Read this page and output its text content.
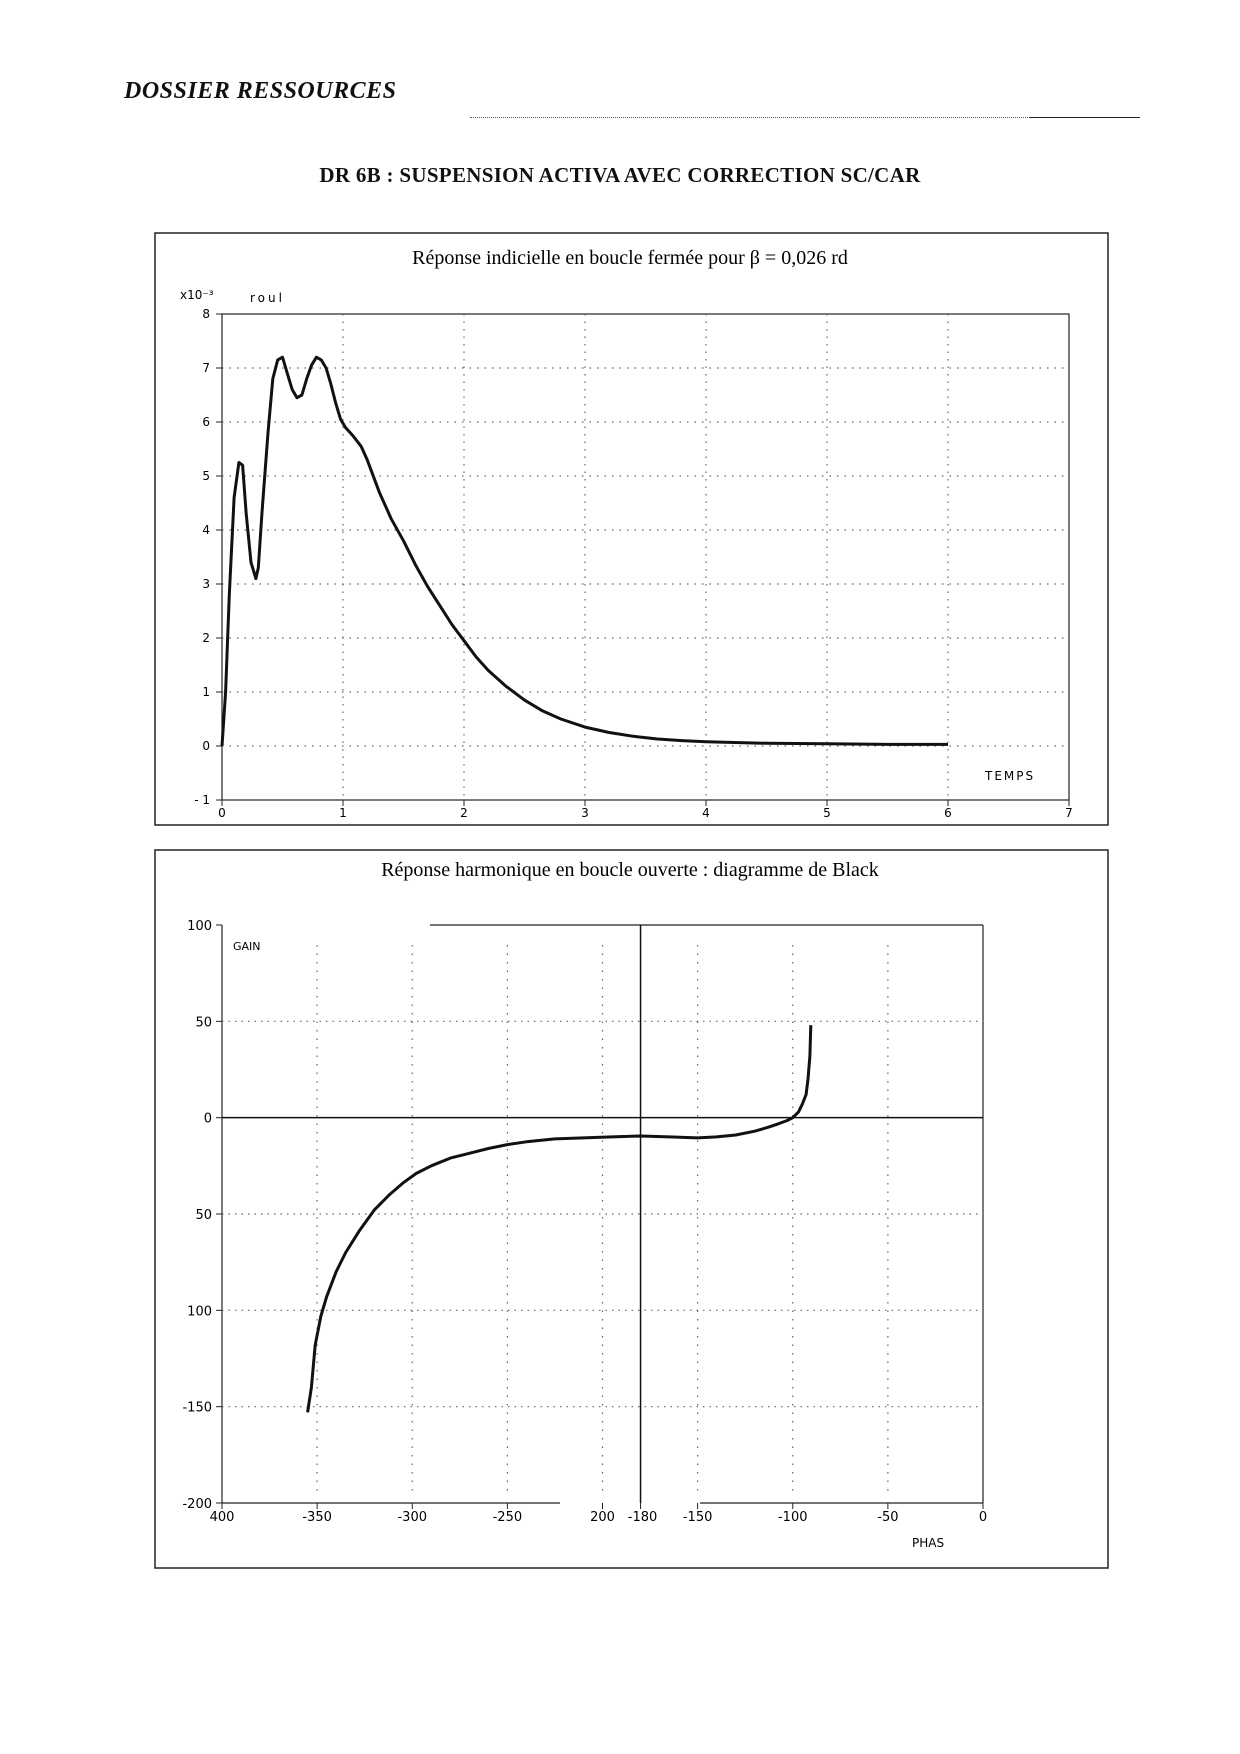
DOSSIER RESSOURCES
DR 6B : SUSPENSION ACTIVA AVEC CORRECTION SC/CAR
Réponse indicielle en boucle fermée pour β = 0,026 rd
0	1	2	3	4	5	6	7
- 1
0
1
2
3
4
5
6
7
8
x10⁻³	roul
TEMPS
Réponse harmonique en boucle ouverte : diagramme de Black
400	-350	-300	-250	200 -180 -150	-100	-50	0
100
50
0
50
100
-150
-200
GAIN
PHAS
